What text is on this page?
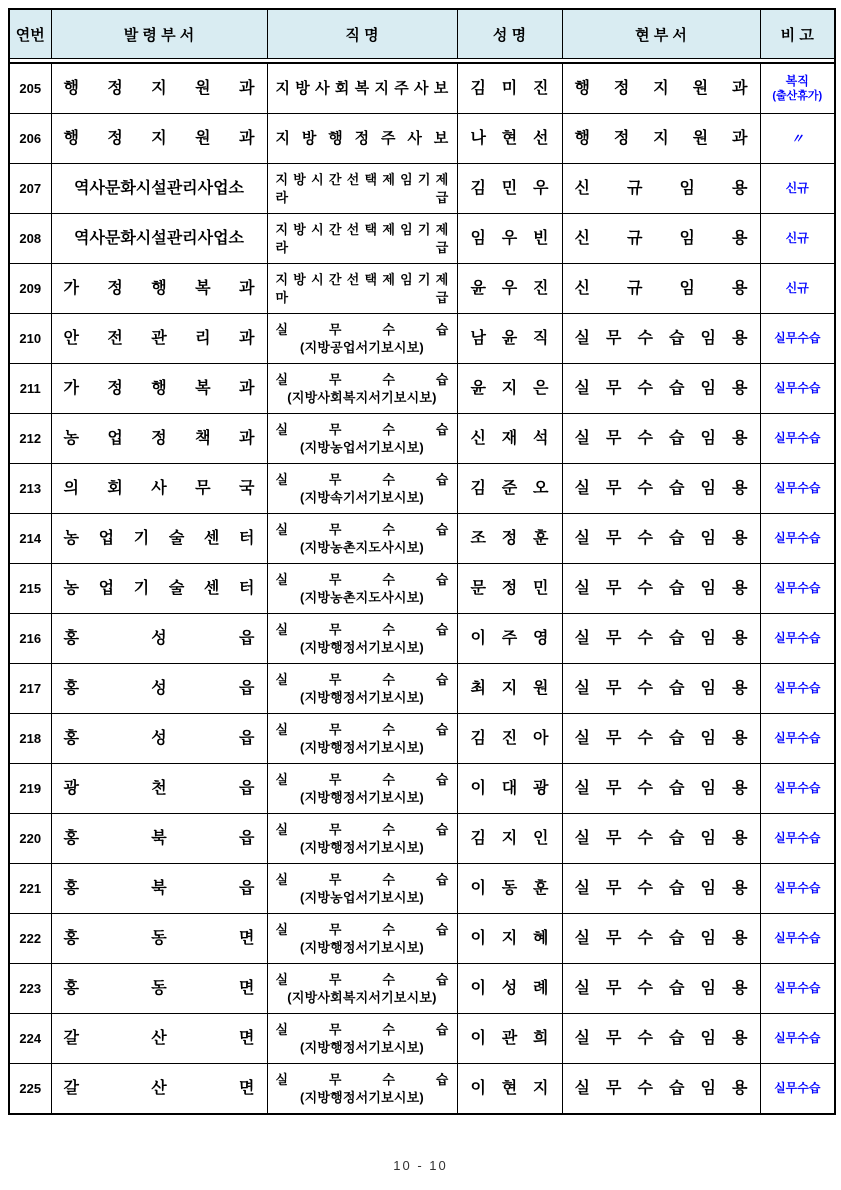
연번	발 령 부 서	직 명	성 명	현 부 서	비 고

205	행 정 지 원 과	지 방 사 회 복 지 주 사 보	김 미 진	행 정 지 원 과	복직
(출산휴가)

206	행 정 지 원 과	지 방 행 정 주 사 보	나 현 선	행 정 지 원 과	〃

207	역사문화시설관리사업소	지 방 시 간 선 택 제 임 기 제
라 급	김 민 우	신 규 임 용	신규

208	역사문화시설관리사업소	지 방 시 간 선 택 제 임 기 제
라 급	임 우 빈	신 규 임 용	신규

209	가 정 행 복 과	지 방 시 간 선 택 제 임 기 제
마 급	윤 우 진	신 규 임 용	신규

210	안 전 관 리 과	실 무 수 습
(지방공업서기보시보)	남 윤 직	실 무 수 습 임 용	실무수습

211	가 정 행 복 과	실 무 수 습
(지방사회복지서기보시보)	윤 지 은	실 무 수 습 임 용	실무수습

212	농 업 정 책 과	실 무 수 습
(지방농업서기보시보)	신 재 석	실 무 수 습 임 용	실무수습

213	의 회 사 무 국	실 무 수 습
(지방속기서기보시보)	김 준 오	실 무 수 습 임 용	실무수습

214	농 업 기 술 센 터	실 무 수 습
(지방농촌지도사시보)	조 정 훈	실 무 수 습 임 용	실무수습

215	농 업 기 술 센 터	실 무 수 습
(지방농촌지도사시보)	문 정 민	실 무 수 습 임 용	실무수습

216	홍 성 읍	실 무 수 습
(지방행정서기보시보)	이 주 영	실 무 수 습 임 용	실무수습

217	홍 성 읍	실 무 수 습
(지방행정서기보시보)	최 지 원	실 무 수 습 임 용	실무수습

218	홍 성 읍	실 무 수 습
(지방행정서기보시보)	김 진 아	실 무 수 습 임 용	실무수습

219	광 천 읍	실 무 수 습
(지방행정서기보시보)	이 대 광	실 무 수 습 임 용	실무수습

220	홍 북 읍	실 무 수 습
(지방행정서기보시보)	김 지 인	실 무 수 습 임 용	실무수습

221	홍 북 읍	실 무 수 습
(지방농업서기보시보)	이 동 훈	실 무 수 습 임 용	실무수습

222	홍 동 면	실 무 수 습
(지방행정서기보시보)	이 지 혜	실 무 수 습 임 용	실무수습

223	홍 동 면	실 무 수 습
(지방사회복지서기보시보)	이 성 례	실 무 수 습 임 용	실무수습

224	갈 산 면	실 무 수 습
(지방행정서기보시보)	이 관 희	실 무 수 습 임 용	실무수습

225	갈 산 면	실 무 수 습
(지방행정서기보시보)	이 현 지	실 무 수 습 임 용	실무수습
10 - 10
